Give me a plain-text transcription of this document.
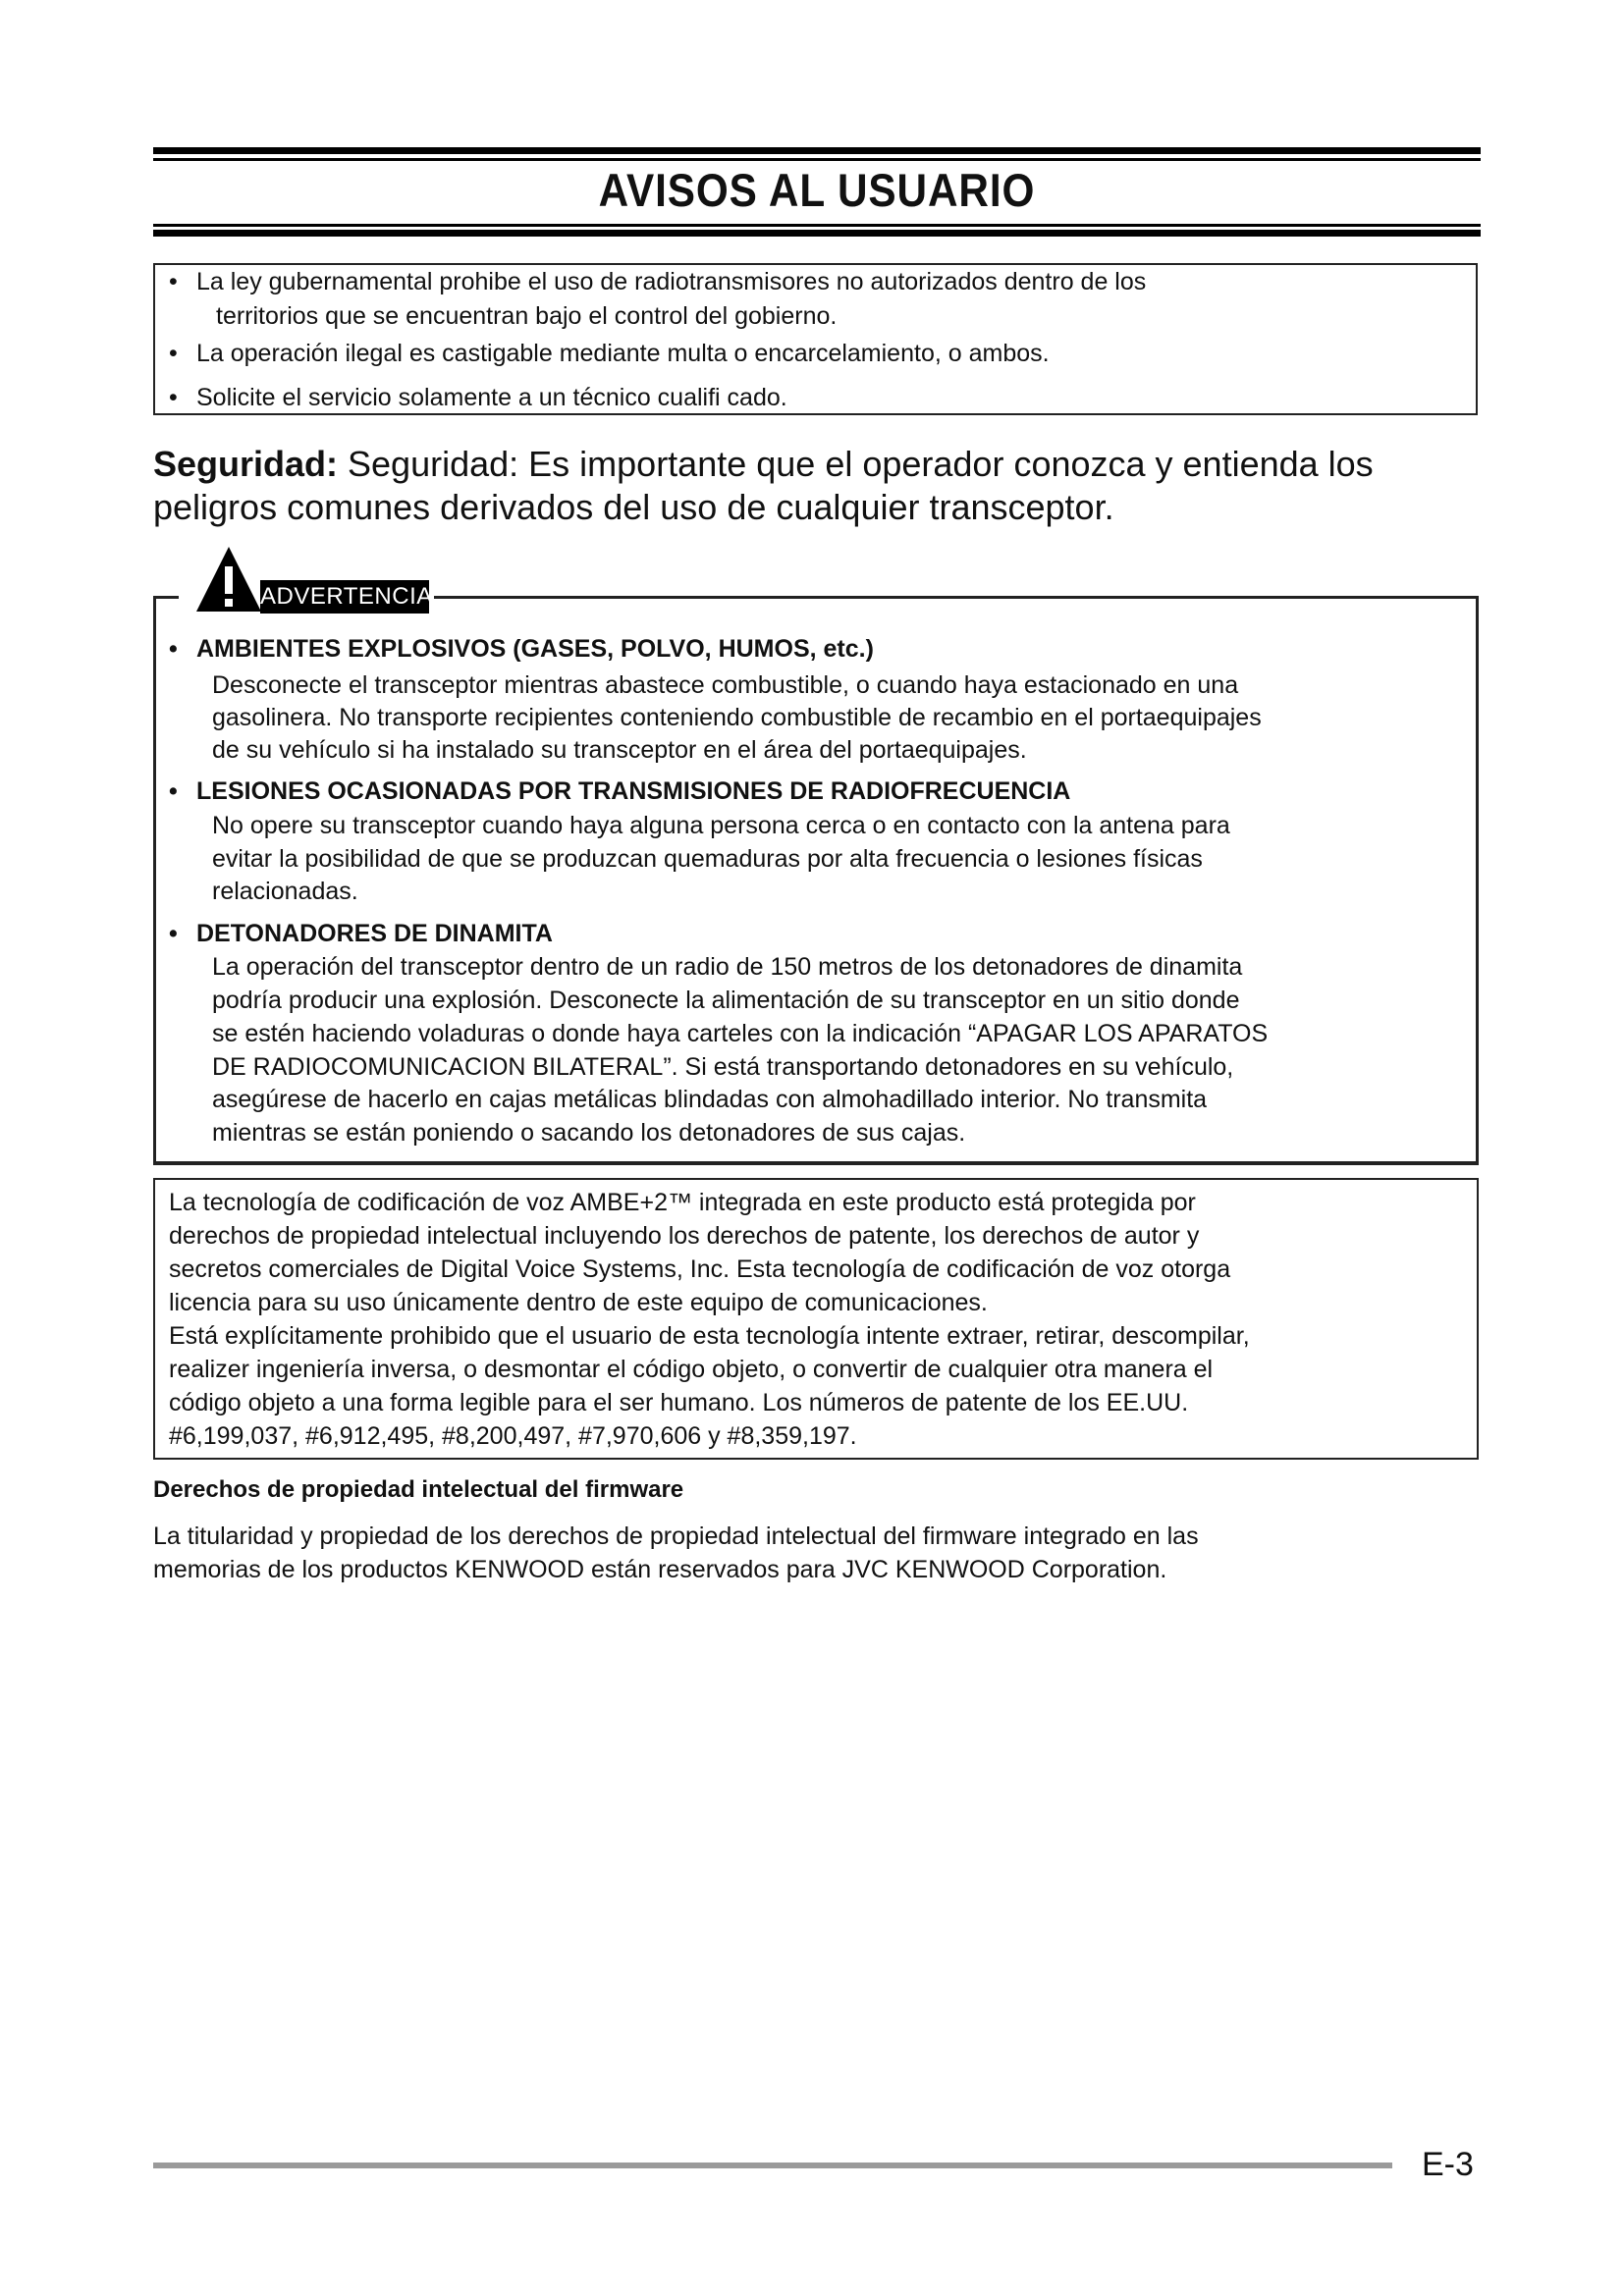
AVISOS AL USUARIO
• La ley gubernamental prohibe el uso de radiotransmisores no autorizados dentro de los
territorios que se encuentran bajo el control del gobierno.
• La operación ilegal es castigable mediante multa o encarcelamiento, o ambos.
• Solicite el servicio solamente a un técnico cualifi cado.
Seguridad: Seguridad: Es importante que el operador conozca y entienda los
peligros comunes derivados del uso de cualquier transceptor.
ADVERTENCIA
• AMBIENTES EXPLOSIVOS (GASES, POLVO, HUMOS, etc.)
Desconecte el transceptor mientras abastece combustible, o cuando haya estacionado en una
gasolinera. No transporte recipientes conteniendo combustible de recambio en el portaequipajes
de su vehículo si ha instalado su transceptor en el área del portaequipajes.
• LESIONES OCASIONADAS POR TRANSMISIONES DE RADIOFRECUENCIA
No opere su transceptor cuando haya alguna persona cerca o en contacto con la antena para
evitar la posibilidad de que se produzcan quemaduras por alta frecuencia o lesiones físicas
relacionadas.
• DETONADORES DE DINAMITA
La operación del transceptor dentro de un radio de 150 metros de los detonadores de dinamita
podría producir una explosión. Desconecte la alimentación de su transceptor en un sitio donde
se estén haciendo voladuras o donde haya carteles con la indicación “APAGAR LOS APARATOS
DE RADIOCOMUNICACION BILATERAL”. Si está transportando detonadores en su vehículo,
asegúrese de hacerlo en cajas metálicas blindadas con almohadillado interior. No transmita
mientras se están poniendo o sacando los detonadores de sus cajas.
La tecnología de codificación de voz AMBE+2™ integrada en este producto está protegida por
derechos de propiedad intelectual incluyendo los derechos de patente, los derechos de autor y
secretos comerciales de Digital Voice Systems, Inc. Esta tecnología de codificación de voz otorga
licencia para su uso únicamente dentro de este equipo de comunicaciones.
Está explícitamente prohibido que el usuario de esta tecnología intente extraer, retirar, descompilar,
realizer ingeniería inversa, o desmontar el código objeto, o convertir de cualquier otra manera el
código objeto a una forma legible para el ser humano. Los números de patente de los EE.UU.
#6,199,037, #6,912,495, #8,200,497, #7,970,606 y #8,359,197.
Derechos de propiedad intelectual del firmware
La titularidad y propiedad de los derechos de propiedad intelectual del firmware integrado en las
memorias de los productos KENWOOD están reservados para JVC KENWOOD Corporation.
E-3
